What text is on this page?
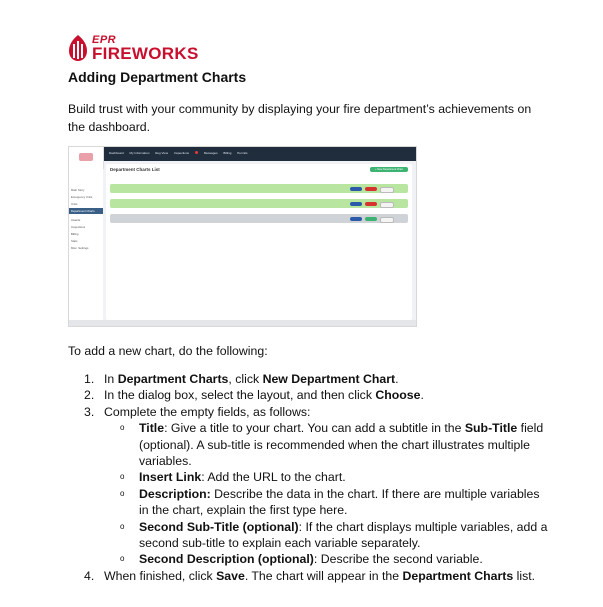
EPR
FIREWORKS
Adding Department Charts
Build trust with your community by displaying your fire department’s achievements on the dashboard.
Dashboard My Information Reg View Inspections	Messages Billing Permits
Main Story
Emergency Units
Units
Department Charts
Awards
Inspections
Billing
Stats
Misc. Settings
Department Charts List	+ New Department Chart
To add a new chart, do the following:
1. In Department Charts, click New Department Chart.
2. In the dialog box, select the layout, and then click Choose.
3. Complete the empty fields, as follows:
o Title: Give a title to your chart. You can add a subtitle in the Sub-Title field (optional). A sub-title is recommended when the chart illustrates multiple variables.
o Insert Link: Add the URL to the chart.
o Description: Describe the data in the chart. If there are multiple variables in the chart, explain the first type here.
o Second Sub-Title (optional): If the chart displays multiple variables, add a second sub-title to explain each variable separately.
o Second Description (optional): Describe the second variable.
4. When finished, click Save. The chart will appear in the Department Charts list.
